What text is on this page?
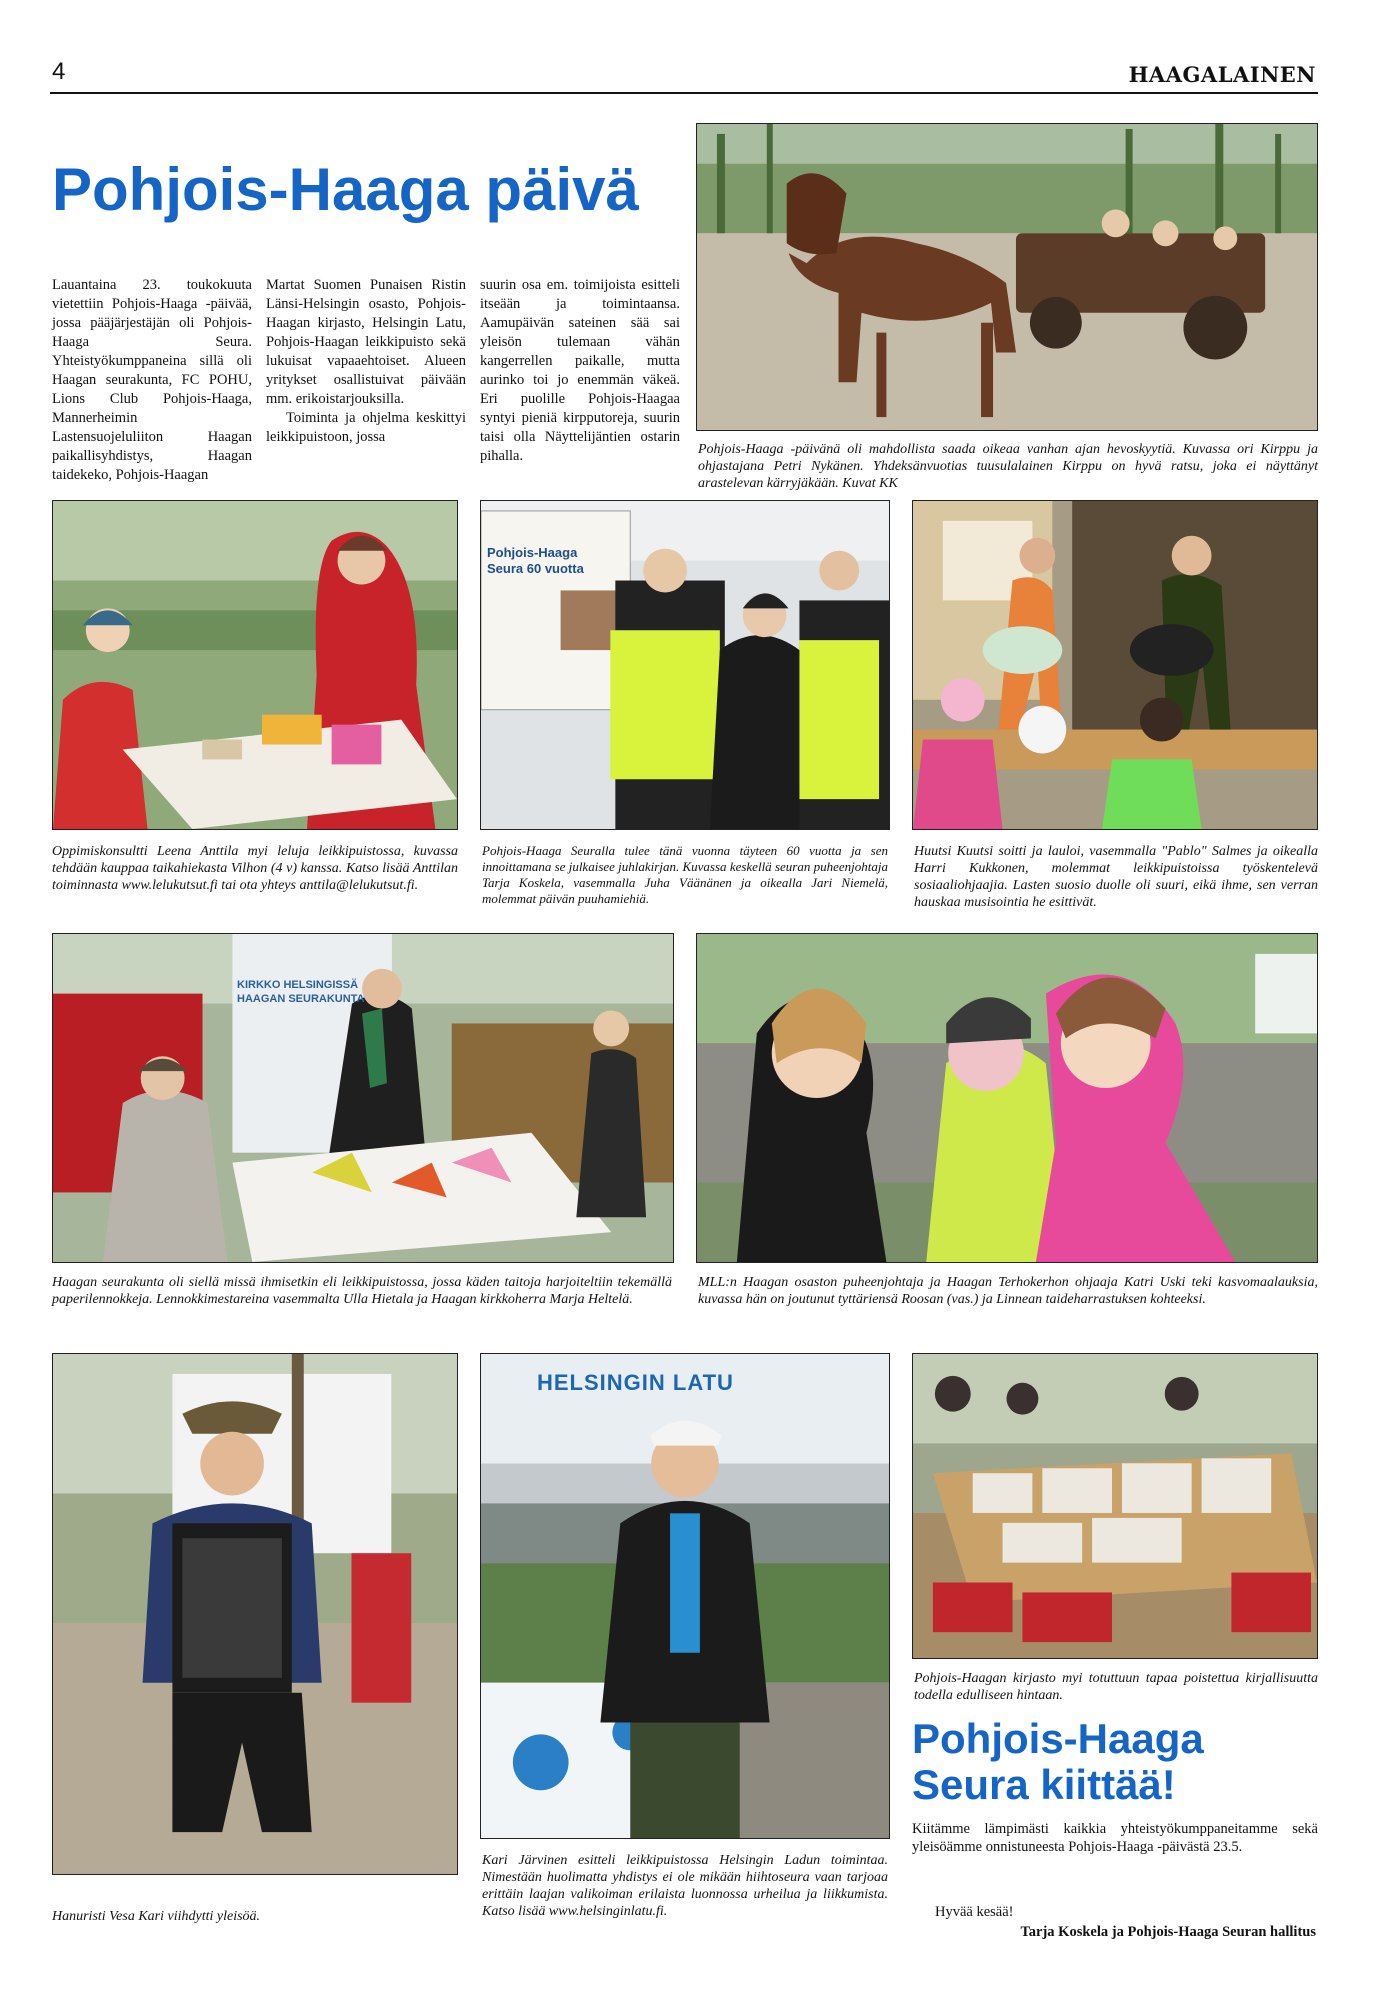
4	HAAGALAINEN
Pohjois-Haaga päivä

Lauantaina 23. toukokuuta vietettiin Pohjois-Haaga -päivää, jossa pääjärjestäjän oli Pohjois-Haaga Seura. Yhteistyökumppaneina sillä oli Haagan seurakunta, FC POHU, Lions Club Pohjois-Haaga, Mannerheimin Lastensuojeluliiton Haagan paikallisyhdistys, Haagan taidekeko, Pohjois-Haagan

Martat Suomen Punaisen Ristin Länsi-Helsingin osasto, Pohjois-Haagan kirjasto, Helsingin Latu, Pohjois-Haagan leikkipuisto sekä lukuisat vapaaehtoiset. Alueen yritykset osallistuivat päivään mm. erikoistarjouksilla.

Toiminta ja ohjelma keskittyi leikkipuistoon, jossa

suurin osa em. toimijoista esitteli itseään ja toimintaansa. Aamupäivän sateinen sää sai yleisön tulemaan vähän kangerrellen paikalle, mutta aurinko toi jo enemmän väkeä. Eri puolille Pohjois-Haagaa syntyi pieniä kirpputoreja, suurin taisi olla Näyttelijäntien ostarin pihalla.	Pohjois-Haaga -päivänä oli mahdollista saada oikeaa vanhan ajan hevoskyytiä. Kuvassa ori Kirppu ja ohjastajana Petri Nykänen. Yhdeksänvuotias tuusulalainen Kirppu on hyvä ratsu, joka ei näyttänyt arastelevan kärryjäkään. Kuvat KK
Oppimiskonsultti Leena Anttila myi leluja leikkipuistossa, kuvassa tehdään kauppaa taikahiekasta Vilhon (4 v) kanssa. Katso lisää Anttilan toiminnasta www.lelukutsut.fi tai ota yhteys anttila@lelukutsut.fi.
Pohjois-Haaga Seura 60 vuotta
Pohjois-Haaga Seuralla tulee tänä vuonna täyteen 60 vuotta ja sen innoittamana se julkaisee juhlakirjan. Kuvassa keskellä seuran puheenjohtaja Tarja Koskela, vasemmalla Juha Väänänen ja oikealla Jari Niemelä, molemmat päivän puuhamiehiä.
Huutsi Kuutsi soitti ja lauloi, vasemmalla "Pablo" Salmes ja oikealla Harri Kukkonen, molemmat leikkipuistoissa työskentelevä sosiaaliohjaajia. Lasten suosio duolle oli suuri, eikä ihme, sen verran hauskaa musisointia he esittivät.
KIRKKO HELSINGISSÄ HAAGAN SEURAKUNTA
Haagan seurakunta oli siellä missä ihmisetkin eli leikkipuistossa, jossa käden taitoja harjoiteltiin tekemällä paperilennokkeja. Lennokkimestareina vasemmalta Ulla Hietala ja Haagan kirkkoherra Marja Heltelä.
MLL:n Haagan osaston puheenjohtaja ja Haagan Terhokerhon ohjaaja Katri Uski teki kasvomaalauksia, kuvassa hän on joutunut tyttäriensä Roosan (vas.) ja Linnean taideharrastuksen kohteeksi.
Hanuristi Vesa Kari viihdytti yleisöä.
HELSINGIN LATU
Kari Järvinen esitteli leikkipuistossa Helsingin Ladun toimintaa. Nimestään huolimatta yhdistys ei ole mikään hiihtoseura vaan tarjoaa erittäin laajan valikoiman erilaista luonnossa urheilua ja liikkumista. Katso lisää www.helsinginlatu.fi.
Pohjois-Haagan kirjasto myi totuttuun tapaa poistettua kirjallisuutta todella edulliseen hintaan.
Pohjois-Haaga Seura kiittää!
Kiitämme lämpimästi kaikkia yhteistyökumppaneitamme sekä yleisöämme onnistuneesta Pohjois-Haaga -päivästä 23.5.
Hyvää kesää!
Tarja Koskela ja Pohjois-Haaga Seuran hallitus
